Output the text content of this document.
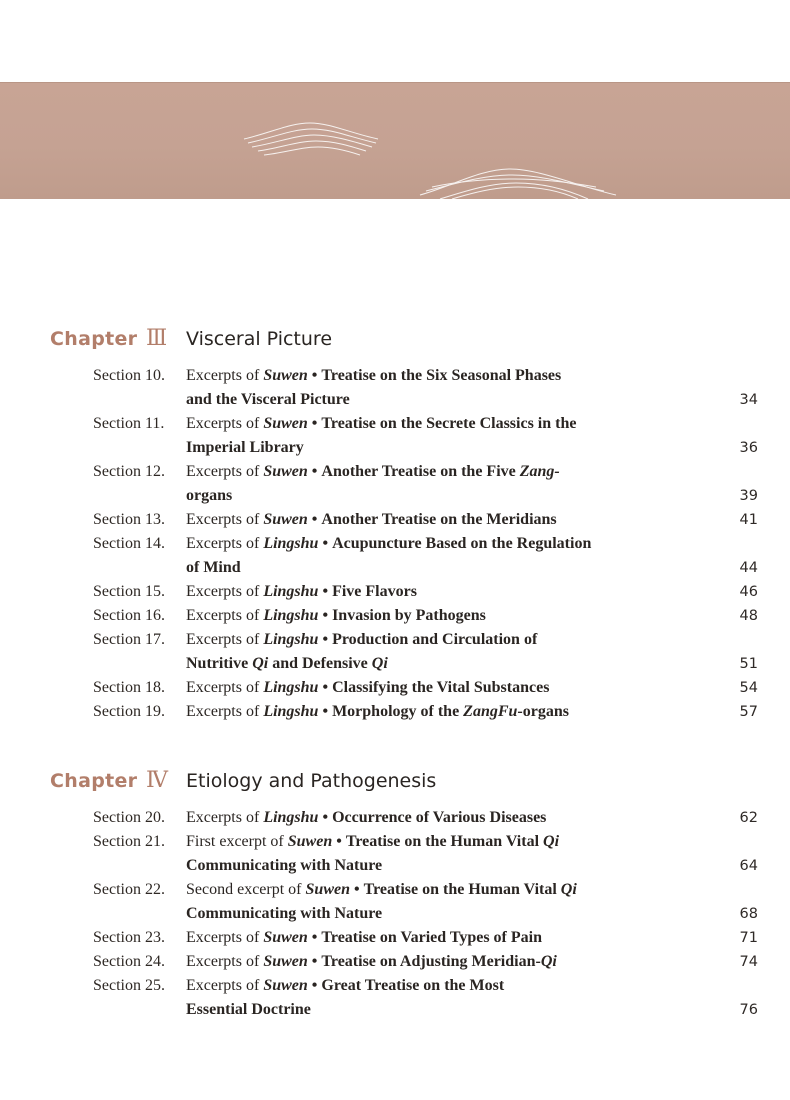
Chapter Ⅲ	Visceral Picture
Section 10. Excerpts of Suwen • Treatise on the Six Seasonal Phases
and the Visceral Picture	34
Section 11. Excerpts of Suwen • Treatise on the Secrete Classics in the
Imperial Library	36
Section 12. Excerpts of Suwen • Another Treatise on the Five Zang-
organs	39
Section 13. Excerpts of Suwen • Another Treatise on the Meridians	41
Section 14. Excerpts of Lingshu • Acupuncture Based on the Regulation
of Mind	44
Section 15. Excerpts of Lingshu • Five Flavors	46
Section 16. Excerpts of Lingshu • Invasion by Pathogens	48
Section 17. Excerpts of Lingshu • Production and Circulation of
Nutritive Qi and Defensive Qi	51
Section 18. Excerpts of Lingshu • Classifying the Vital Substances	54
Section 19. Excerpts of Lingshu • Morphology of the ZangFu-organs	57
Chapter Ⅳ	Etiology and Pathogenesis
Section 20. Excerpts of Lingshu • Occurrence of Various Diseases	62
Section 21. First excerpt of Suwen • Treatise on the Human Vital Qi
Communicating with Nature	64
Section 22. Second excerpt of Suwen • Treatise on the Human Vital Qi
Communicating with Nature	68
Section 23. Excerpts of Suwen • Treatise on Varied Types of Pain	71
Section 24. Excerpts of Suwen • Treatise on Adjusting Meridian-Qi	74
Section 25. Excerpts of Suwen • Great Treatise on the Most
Essential Doctrine	76
